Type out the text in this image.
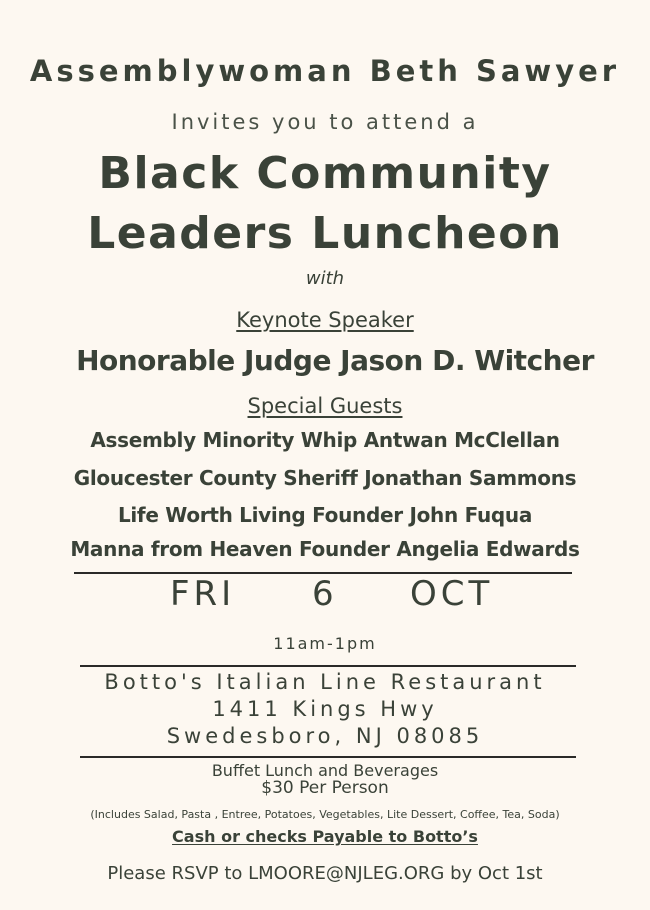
Assemblywoman Beth Sawyer
Invites you to attend a
Black Community
Leaders Luncheon
with
Keynote Speaker
Honorable Judge Jason D. Witcher
Special Guests
Assembly Minority Whip Antwan McClellan
Gloucester County Sheriff Jonathan Sammons
Life Worth Living Founder John Fuqua
Manna from Heaven Founder Angelia Edwards
FRI 6 OCT
11am-1pm
Botto's Italian Line Restaurant
1411 Kings Hwy
Swedesboro, NJ 08085
Buffet Lunch and Beverages
$30 Per Person
(Includes Salad, Pasta , Entree, Potatoes, Vegetables, Lite Dessert, Coffee, Tea, Soda)
Cash or checks Payable to Botto’s
Please RSVP to LMOORE@NJLEG.ORG by Oct 1st
